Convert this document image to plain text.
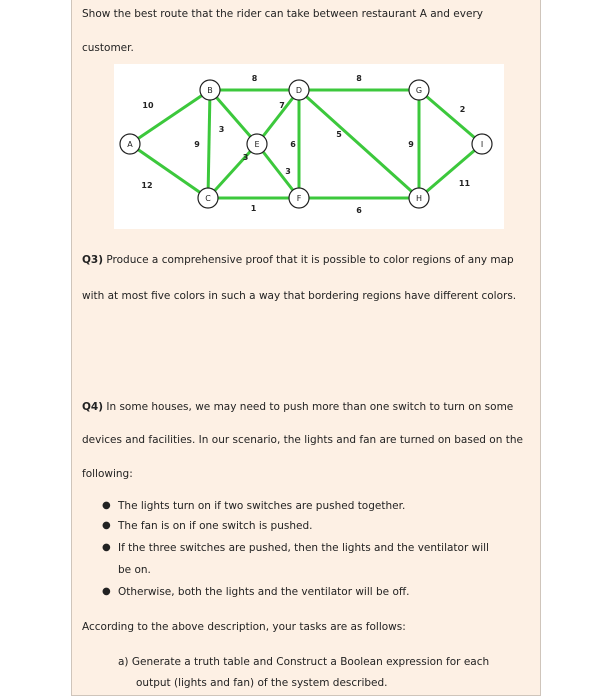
Show the best route that the rider can take between restaurant A and every
customer.
10
12
9
8
3
3
1
7
6
8
5
3
6
9
2
11
A
B
C
D
E
F
G
H
I
Q3) Produce a comprehensive proof that it is possible to color regions of any map
with at most five colors in such a way that bordering regions have different colors.
Q4) In some houses, we may need to push more than one switch to turn on some
devices and facilities. In our scenario, the lights and fan are turned on based on the
following:
● The lights turn on if two switches are pushed together.
● The fan is on if one switch is pushed.
● If the three switches are pushed, then the lights and the ventilator will
be on.
● Otherwise, both the lights and the ventilator will be off.
According to the above description, your tasks are as follows:
a) Generate a truth table and Construct a Boolean expression for each
output (lights and fan) of the system described.
